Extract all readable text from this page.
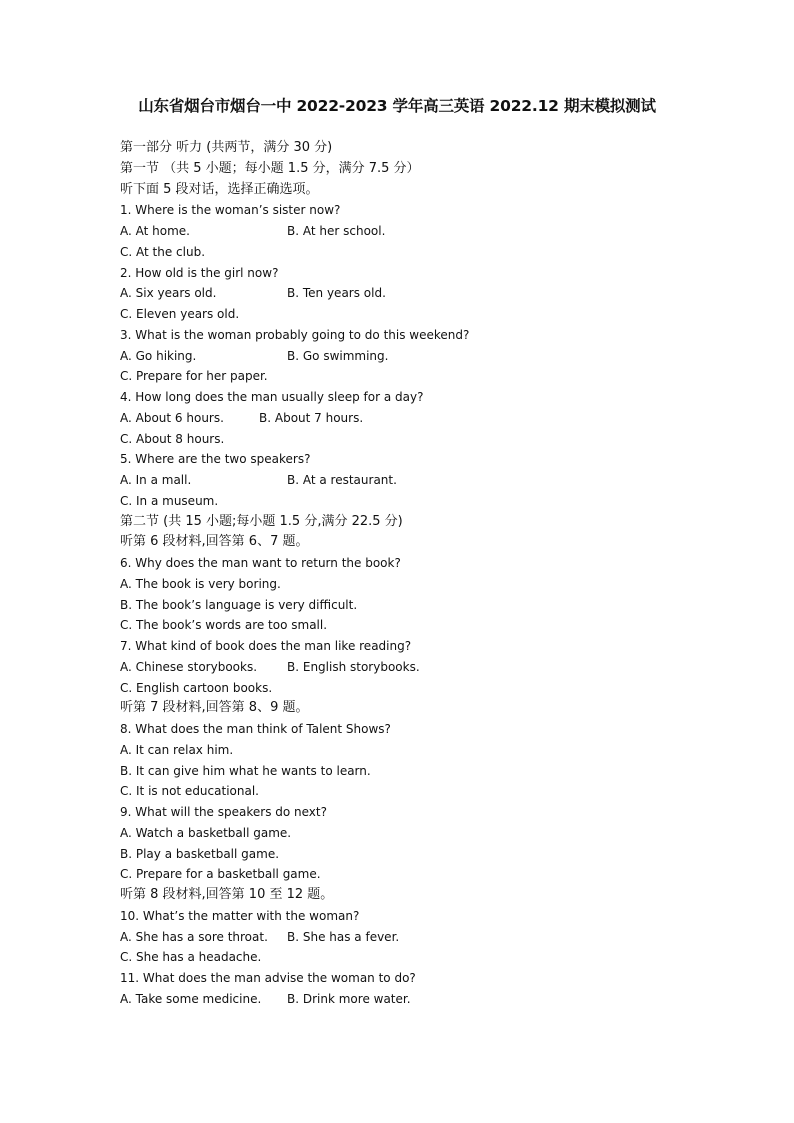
山东省烟台市烟台一中 2022-2023 学年高三英语 2022.12 期末模拟测试
第一部分 听力 (共两节，满分 30 分)
第一节 （共 5 小题；每小题 1.5 分，满分 7.5 分）
听下面 5 段对话，选择正确选项。
1. Where is the woman’s sister now?
A. At home.	B. At her school.
C. At the club.
2. How old is the girl now?
A. Six years old.	B. Ten years old.
C. Eleven years old.
3. What is the woman probably going to do this weekend?
A. Go hiking.	B. Go swimming.
C. Prepare for her paper.
4. How long does the man usually sleep for a day?
A. About 6 hours.	B. About 7 hours.
C. About 8 hours.
5. Where are the two speakers?
A. In a mall.	B. At a restaurant.
C. In a museum.
第二节 (共 15 小题;每小题 1.5 分,满分 22.5 分)
听第 6 段材料,回答第 6、7 题。
6. Why does the man want to return the book?
A. The book is very boring.
B. The book’s language is very difficult.
C. The book’s words are too small.
7. What kind of book does the man like reading?
A. Chinese storybooks.	B. English storybooks.
C. English cartoon books.
听第 7 段材料,回答第 8、9 题。
8. What does the man think of Talent Shows?
A. It can relax him.
B. It can give him what he wants to learn.
C. It is not educational.
9. What will the speakers do next?
A. Watch a basketball game.
B. Play a basketball game.
C. Prepare for a basketball game.
听第 8 段材料,回答第 10 至 12 题。
10. What’s the matter with the woman?
A. She has a sore throat.	B. She has a fever.
C. She has a headache.
11. What does the man advise the woman to do?
A. Take some medicine.	B. Drink more water.
